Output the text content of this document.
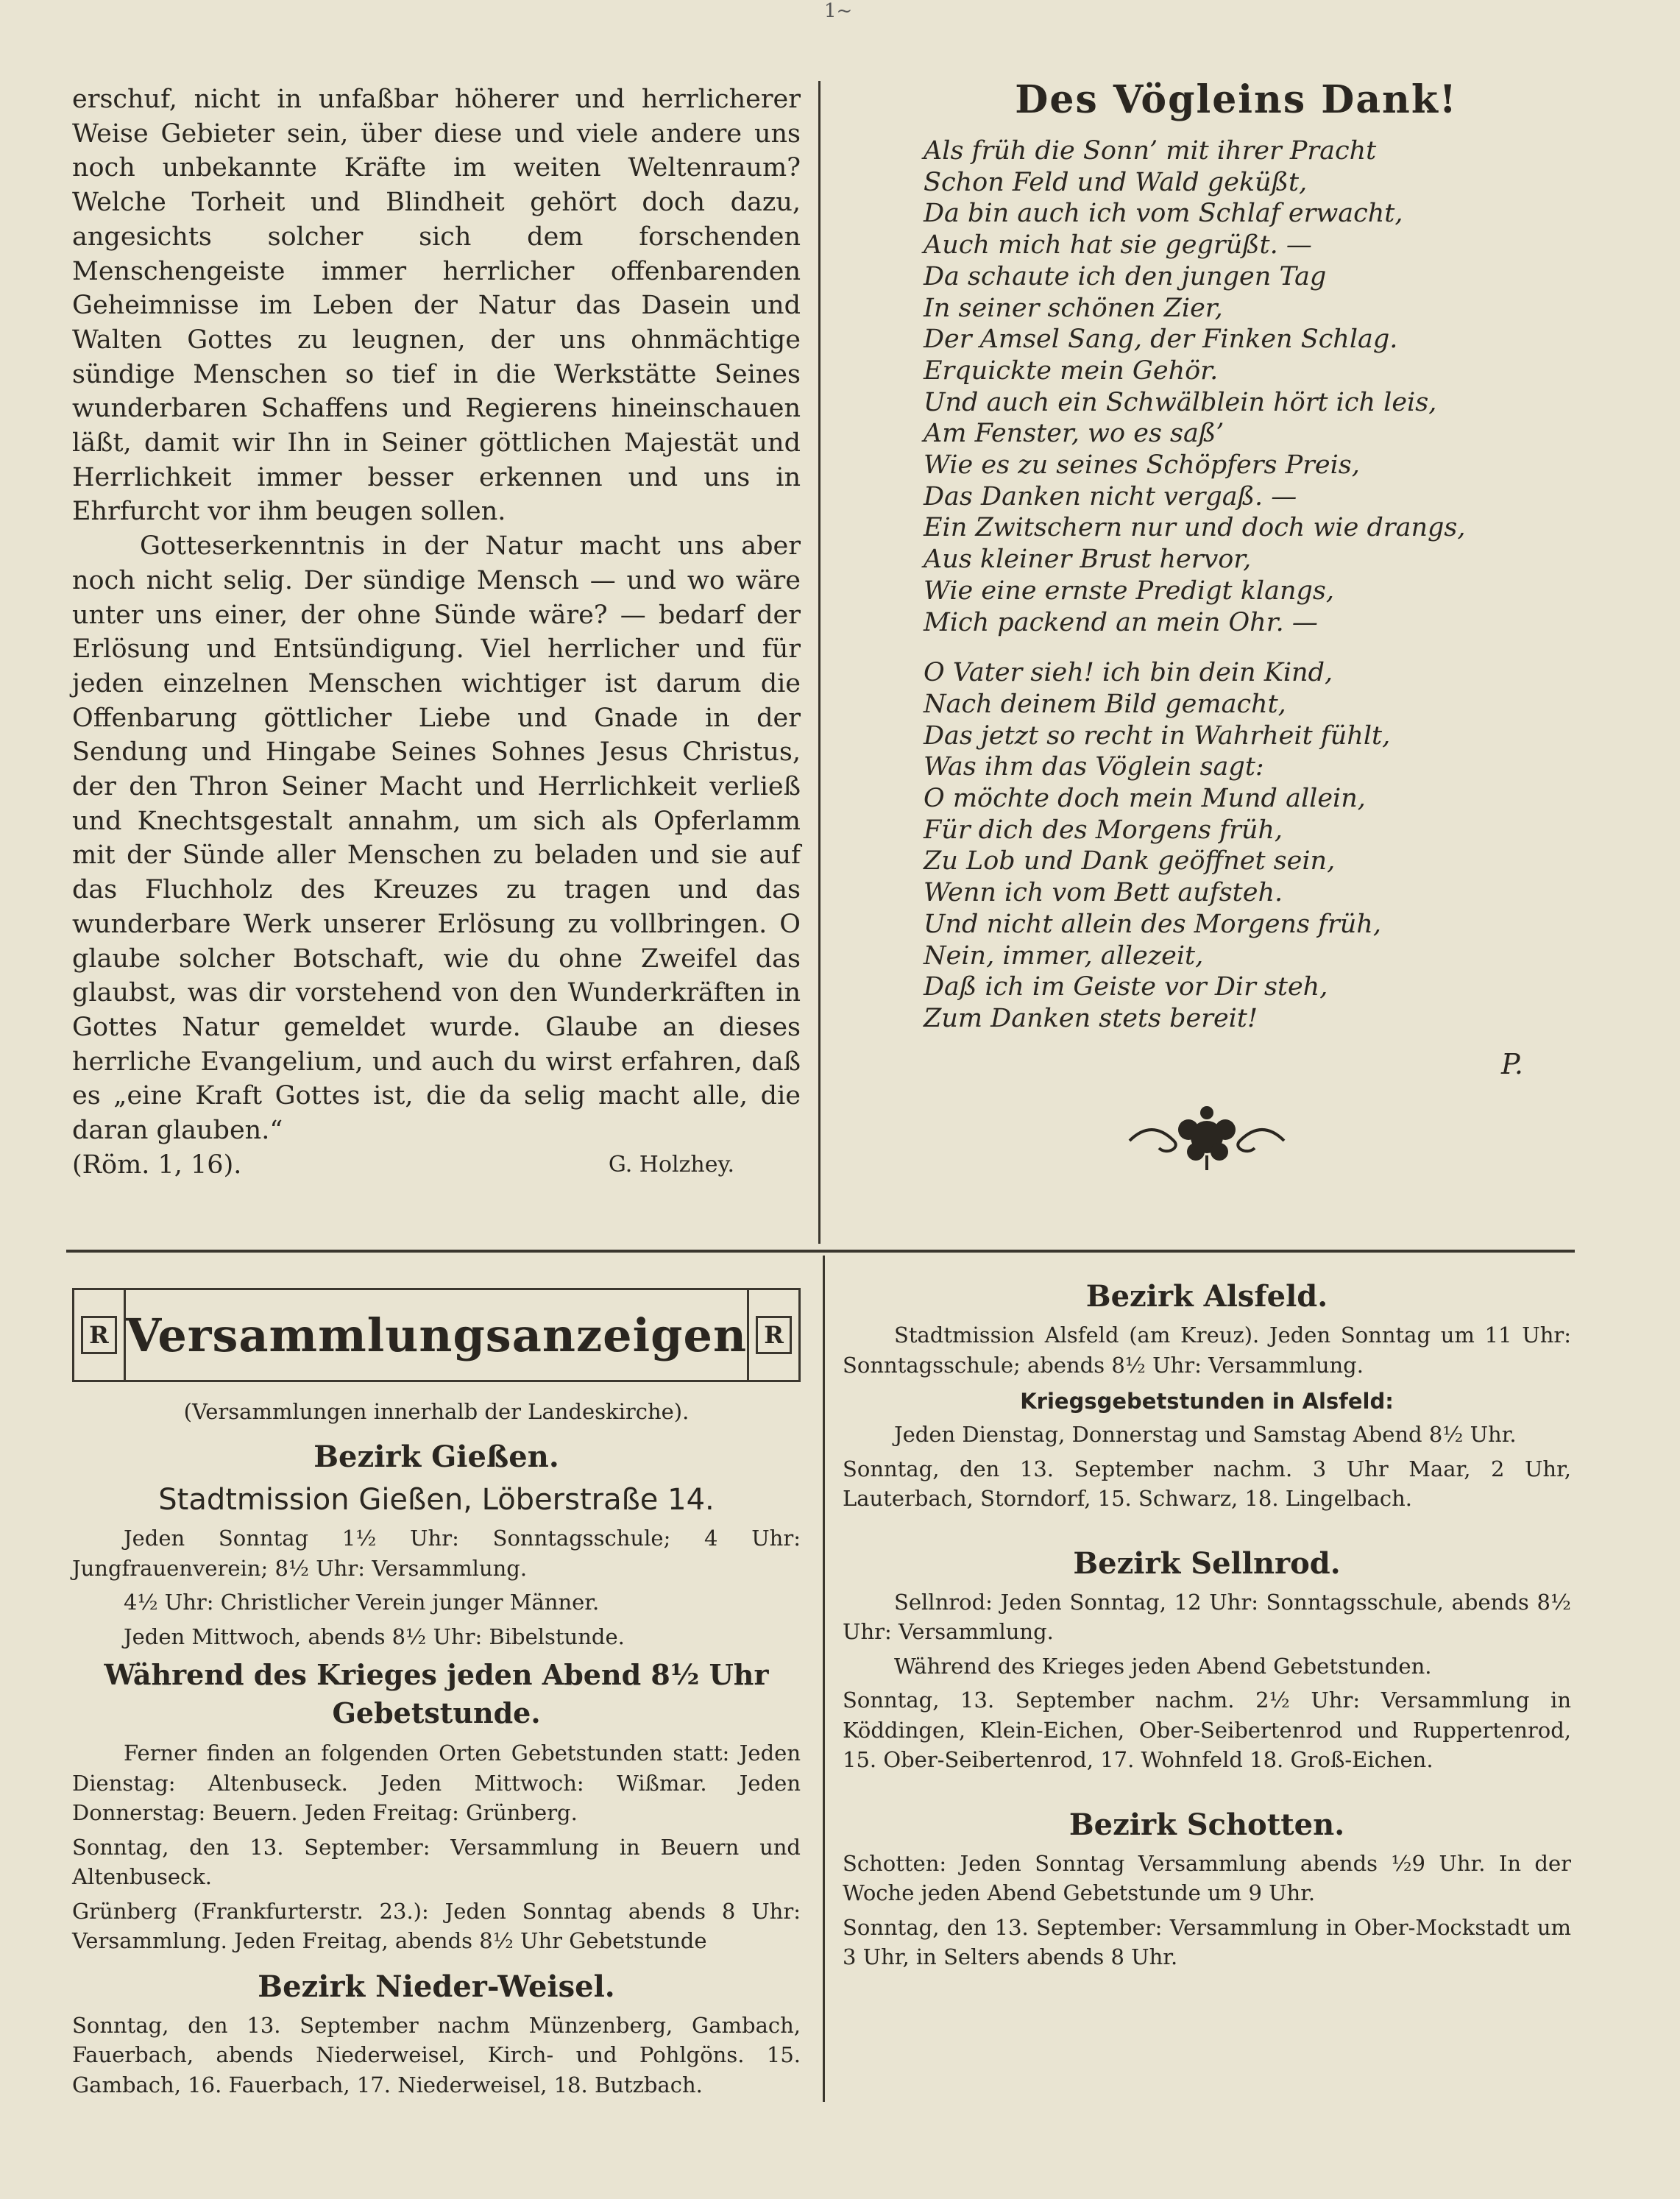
1~

erschuf, nicht in unfaßbar höherer und herrlicherer Weise Gebieter sein, über diese und viele andere uns noch unbekannte Kräfte im weiten Weltenraum? Welche Torheit und Blindheit gehört doch dazu, angesichts solcher sich dem forschenden Menschengeiste immer herrlicher offenbarenden Geheimnisse im Leben der Natur das Dasein und Walten Gottes zu leugnen, der uns ohnmächtige sündige Menschen so tief in die Werkstätte Seines wunderbaren Schaffens und Regierens hineinschauen läßt, damit wir Ihn in Seiner göttlichen Majestät und Herrlichkeit immer besser erkennen und uns in Ehrfurcht vor ihm beugen sollen.

Gotteserkenntnis in der Natur macht uns aber noch nicht selig. Der sündige Mensch — und wo wäre unter uns einer, der ohne Sünde wäre? — bedarf der Erlösung und Entsündigung. Viel herrlicher und für jeden einzelnen Menschen wichtiger ist darum die Offenbarung göttlicher Liebe und Gnade in der Sendung und Hingabe Seines Sohnes Jesus Christus, der den Thron Seiner Macht und Herrlichkeit verließ und Knechtsgestalt annahm, um sich als Opferlamm mit der Sünde aller Menschen zu beladen und sie auf das Fluchholz des Kreuzes zu tragen und das wunderbare Werk unserer Erlösung zu vollbringen. O glaube solcher Botschaft, wie du ohne Zweifel das glaubst, was dir vorstehend von den Wunderkräften in Gottes Natur gemeldet wurde. Glaube an dieses herrliche Evangelium, und auch du wirst erfahren, daß es „eine Kraft Gottes ist, die da selig macht alle, die daran glauben.“

(Röm. 1, 16).	G. Holzhey.
Des Vögleins Dank!
Als früh die Sonn’ mit ihrer Pracht
Schon Feld und Wald geküßt,
Da bin auch ich vom Schlaf erwacht,
Auch mich hat sie gegrüßt. —
Da schaute ich den jungen Tag
In seiner schönen Zier,
Der Amsel Sang, der Finken Schlag.
Erquickte mein Gehör.
Und auch ein Schwälblein hört ich leis,
Am Fenster, wo es saß’
Wie es zu seines Schöpfers Preis,
Das Danken nicht vergaß. —
Ein Zwitschern nur und doch wie drangs,
Aus kleiner Brust hervor,
Wie eine ernste Predigt klangs,
Mich packend an mein Ohr. —
O Vater sieh! ich bin dein Kind,
Nach deinem Bild gemacht,
Das jetzt so recht in Wahrheit fühlt,
Was ihm das Vöglein sagt:
O möchte doch mein Mund allein,
Für dich des Morgens früh,
Zu Lob und Dank geöffnet sein,
Wenn ich vom Bett aufsteh.
Und nicht allein des Morgens früh,
Nein, immer, allezeit,
Daß ich im Geiste vor Dir steh,
Zum Danken stets bereit!
P.
R Versammlungsanzeigen R
(Versammlungen innerhalb der Landeskirche).
Bezirk Gießen.
Stadtmission Gießen, Löberstraße 14.
Jeden Sonntag 1½ Uhr: Sonntagsschule; 4 Uhr: Jungfrauenverein; 8½ Uhr: Versammlung.
4½ Uhr: Christlicher Verein junger Männer.
Jeden Mittwoch, abends 8½ Uhr: Bibelstunde.
Während des Krieges jeden Abend 8½ Uhr Gebetstunde.
Ferner finden an folgenden Orten Gebetstunden statt: Jeden Dienstag: Altenbuseck. Jeden Mittwoch: Wißmar. Jeden Donnerstag: Beuern. Jeden Freitag: Grünberg.
Sonntag, den 13. September: Versammlung in Beuern und Altenbuseck.
Grünberg (Frankfurterstr. 23.): Jeden Sonntag abends 8 Uhr: Versammlung. Jeden Freitag, abends 8½ Uhr Gebetstunde
Bezirk Nieder-Weisel.
Sonntag, den 13. September nachm Münzenberg, Gambach, Fauerbach, abends Niederweisel, Kirch- und Pohlgöns. 15. Gambach, 16. Fauerbach, 17. Niederweisel, 18. Butzbach.
Bezirk Alsfeld.
Stadtmission Alsfeld (am Kreuz). Jeden Sonntag um 11 Uhr: Sonntagsschule; abends 8½ Uhr: Versammlung.
Kriegsgebetstunden in Alsfeld:
Jeden Dienstag, Donnerstag und Samstag Abend 8½ Uhr.
Sonntag, den 13. September nachm. 3 Uhr Maar, 2 Uhr, Lauterbach, Storndorf, 15. Schwarz, 18. Lingelbach.
Bezirk Sellnrod.
Sellnrod: Jeden Sonntag, 12 Uhr: Sonntagsschule, abends 8½ Uhr: Versammlung.
Während des Krieges jeden Abend Gebetstunden.
Sonntag, 13. September nachm. 2½ Uhr: Versammlung in Köddingen, Klein-Eichen, Ober-Seibertenrod und Ruppertenrod, 15. Ober-Seibertenrod, 17. Wohnfeld 18. Groß-Eichen.
Bezirk Schotten.
Schotten: Jeden Sonntag Versammlung abends ½9 Uhr. In der Woche jeden Abend Gebetstunde um 9 Uhr.
Sonntag, den 13. September: Versammlung in Ober-Mockstadt um 3 Uhr, in Selters abends 8 Uhr.
